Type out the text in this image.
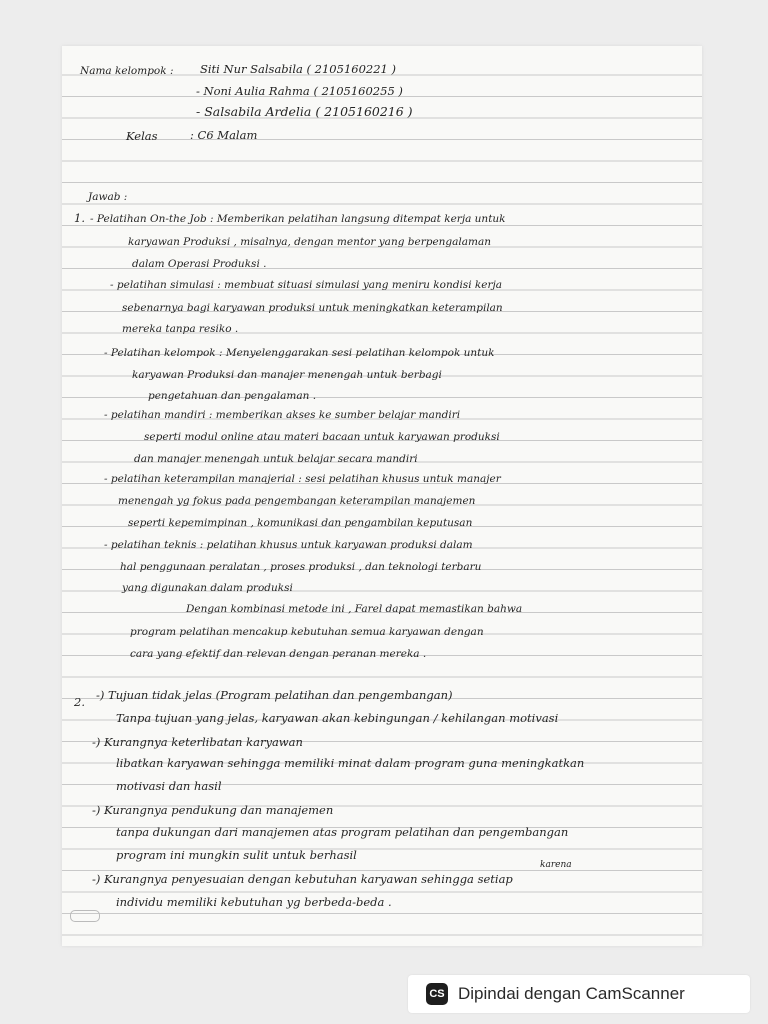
Nama kelompok : Siti Nur Salsabila ( 2105160221 )
- Noni Aulia Rahma ( 2105160255 )
- Salsabila Ardelia ( 2105160216 )
Kelas	: C6 Malam
Jawab :
1. - Pelatihan On-the Job : Memberikan pelatihan langsung ditempat kerja untuk
karyawan Produksi , misalnya, dengan mentor yang berpengalaman
dalam Operasi Produksi .
- pelatihan simulasi : membuat situasi simulasi yang meniru kondisi kerja
sebenarnya bagi karyawan produksi untuk meningkatkan keterampilan
mereka tanpa resiko .
- Pelatihan kelompok : Menyelenggarakan sesi pelatihan kelompok untuk
karyawan Produksi dan manajer menengah untuk berbagi
pengetahuan dan pengalaman .
- pelatihan mandiri : memberikan akses ke sumber belajar mandiri
seperti modul online atau materi bacaan untuk karyawan produksi
dan manajer menengah untuk belajar secara mandiri
- pelatihan keterampilan manajerial : sesi pelatihan khusus untuk manajer
menengah yg fokus pada pengembangan keterampilan manajemen
seperti kepemimpinan , komunikasi dan pengambilan keputusan
- pelatihan teknis : pelatihan khusus untuk karyawan produksi dalam
hal penggunaan peralatan , proses produksi , dan teknologi terbaru
yang digunakan dalam produksi
Dengan kombinasi metode ini , Farel dapat memastikan bahwa
program pelatihan mencakup kebutuhan semua karyawan dengan
cara yang efektif dan relevan dengan peranan mereka .
2. -) Tujuan tidak jelas (Program pelatihan dan pengembangan)
Tanpa tujuan yang jelas, karyawan akan kebingungan / kehilangan motivasi
-) Kurangnya keterlibatan karyawan
libatkan karyawan sehingga memiliki minat dalam program guna meningkatkan
motivasi dan hasil
-) Kurangnya pendukung dan manajemen
tanpa dukungan dari manajemen atas program pelatihan dan pengembangan
program ini mungkin sulit untuk berhasil
karena
-) Kurangnya penyesuaian dengan kebutuhan karyawan sehingga setiap
individu memiliki kebutuhan yg berbeda-beda .
CS Dipindai dengan CamScanner
